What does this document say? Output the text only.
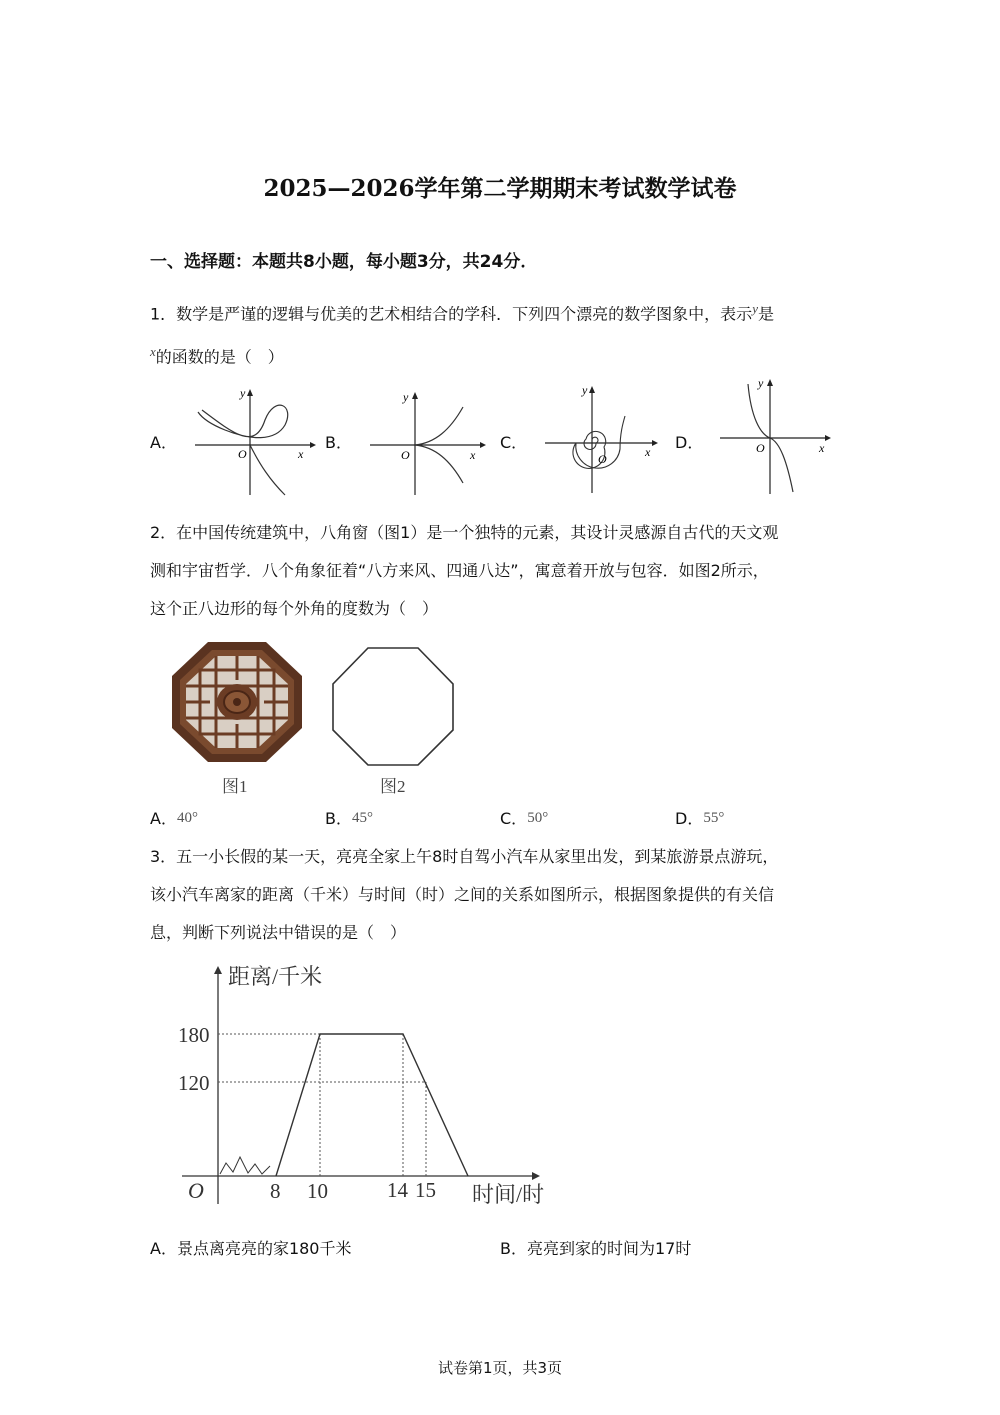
2025—2026学年第二学期期末考试数学试卷
一、选择题：本题共8小题，每小题3分，共24分．
1．数学是严谨的逻辑与优美的艺术相结合的学科．下列四个漂亮的数学图象中，表示$^y$是
$^x$的函数的是（　）
A．	B．	C．	D．
y
x
O
y
x
O
y
x
O
y
x
O
2．在中国传统建筑中，八角窗（图1）是一个独特的元素，其设计灵感源自古代的天文观
测和宇宙哲学．八个角象征着“八方来风、四通八达”，寓意着开放与包容．如图2所示，
这个正八边形的每个外角的度数为（　）
图1	图2
A．40°	B．45°	C．50°	D．55°
3．五一小长假的某一天，亮亮全家上午8时自驾小汽车从家里出发，到某旅游景点游玩，
该小汽车离家的距离（千米）与时间（时）之间的关系如图所示，根据图象提供的有关信
息，判断下列说法中错误的是（　）
距离/千米
时间/时
O
180
120
8 10	14 15
A．景点离亮亮的家180千米	B．亮亮到家的时间为17时
试卷第1页，共3页
